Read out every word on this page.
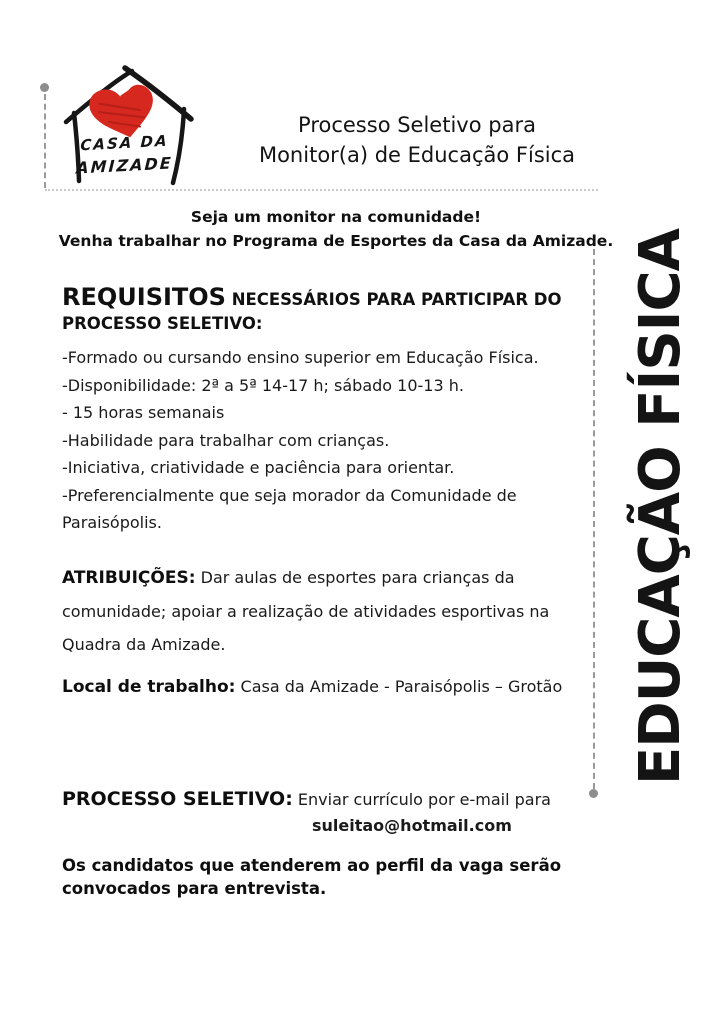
CASA DA
AMIZADE
Processo Seletivo para
Monitor(a) de Educação Física
Seja um monitor na comunidade!
Venha trabalhar no Programa de Esportes da Casa da Amizade.
REQUISITOS NECESSÁRIOS PARA PARTICIPAR DO
PROCESSO SELETIVO:
-Formado ou cursando ensino superior em Educação Física.
-Disponibilidade: 2ª a 5ª 14-17 h; sábado 10-13 h.
- 15 horas semanais
-Habilidade para trabalhar com crianças.
-Iniciativa, criatividade e paciência para orientar.
-Preferencialmente que seja morador da Comunidade de Paraisópolis.
ATRIBUIÇÕES: Dar aulas de esportes para crianças da comunidade; apoiar a realização de atividades esportivas na Quadra da Amizade.
Local de trabalho: Casa da Amizade - Paraisópolis – Grotão
PROCESSO SELETIVO: Enviar currículo por e-mail para
suleitao@hotmail.com
Os candidatos que atenderem ao perfil da vaga serão convocados para entrevista.
EDUCAÇÃO FÍSICA
